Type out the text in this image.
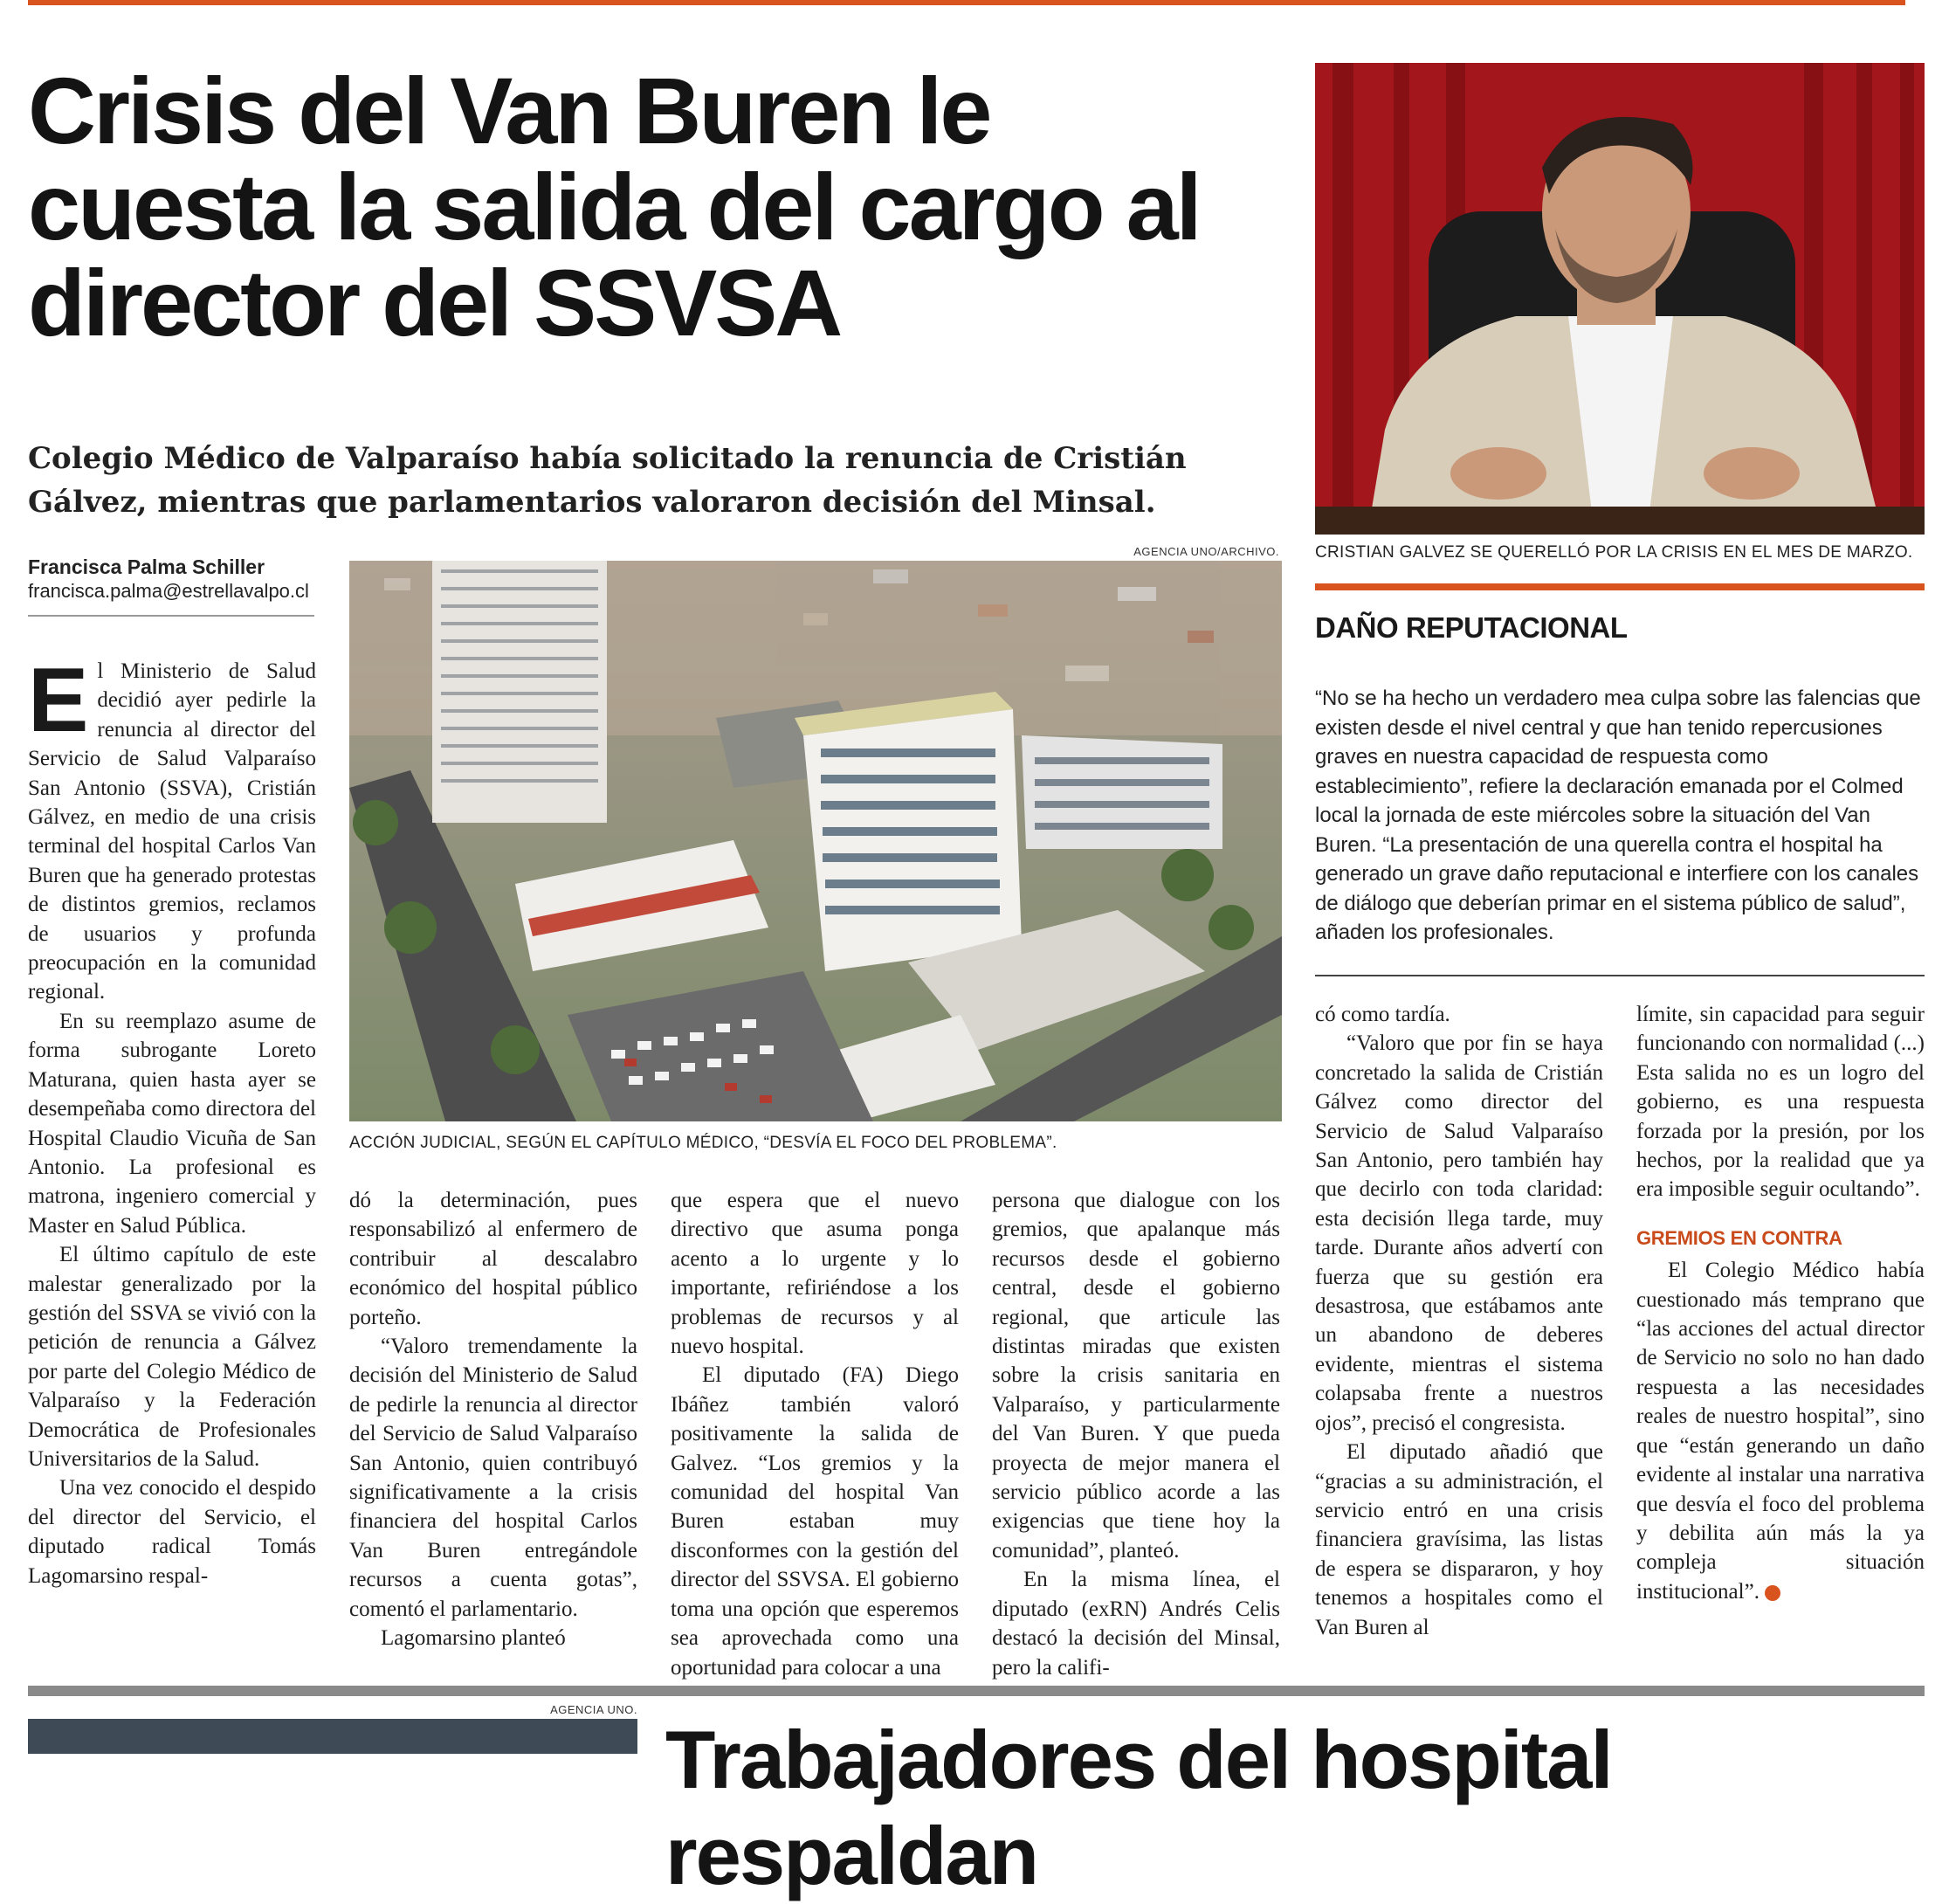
Crisis del Van Buren le cuesta la salida del cargo al director del SSVSA
Colegio Médico de Valparaíso había solicitado la renuncia de Cristián Gálvez, mientras que parlamentarios valoraron decisión del Minsal.
Francisca Palma Schiller
francisca.palma@estrellavalpo.cl
AGENCIA UNO/ARCHIVO.
ACCIÓN JUDICIAL, SEGÚN EL CAPÍTULO MÉDICO, “DESVÍA EL FOCO DEL PROBLEMA”.
CRISTIAN GALVEZ SE QUERELLÓ POR LA CRISIS EN EL MES DE MARZO.
DAÑO REPUTACIONAL
“No se ha hecho un verdadero mea culpa sobre las falencias que existen desde el nivel central y que han tenido repercusiones graves en nuestra capacidad de respuesta como establecimiento”, refiere la declaración emanada por el Colmed local la jornada de este miércoles sobre la situación del Van Buren. “La presentación de una querella contra el hospital ha generado un grave daño reputacional e interfiere con los canales de diálogo que deberían primar en el sistema público de salud”, añaden los profesionales.

El Ministerio de Salud decidió ayer pedirle la renuncia al director del Servicio de Salud Valparaíso San Antonio (SSVA), Cristián Gálvez, en medio de una crisis terminal del hospital Carlos Van Buren que ha generado protestas de distintos gremios, reclamos de usuarios y profunda preocupación en la comunidad regional.

En su reemplazo asume de forma subrogante Loreto Maturana, quien hasta ayer se desempeñaba como directora del Hospital Claudio Vicuña de San Antonio. La profesional es matrona, ingeniero comercial y Master en Salud Pública.

El último capítulo de este malestar generalizado por la gestión del SSVA se vivió con la petición de renuncia a Gálvez por parte del Colegio Médico de Valparaíso y la Federación Democrática de Profesionales Universitarios de la Salud.

Una vez conocido el despido del director del Servicio, el diputado radical Tomás Lagomarsino respal-

dó la determinación, pues responsabilizó al enfermero de contribuir al descalabro económico del hospital público porteño.

“Valoro tremendamente la decisión del Ministerio de Salud de pedirle la renuncia al director del Servicio de Salud Valparaíso San Antonio, quien contribuyó significativamente a la crisis financiera del hospital Carlos Van Buren entregándole recursos a cuenta gotas”, comentó el parlamentario.

Lagomarsino planteó

que espera que el nuevo directivo que asuma ponga acento a lo urgente y lo importante, refiriéndose a los problemas de recursos y al nuevo hospital.

El diputado (FA) Diego Ibáñez también valoró positivamente la salida de Galvez. “Los gremios y la comunidad del hospital Van Buren estaban muy disconformes con la gestión del director del SSVSA. El gobierno toma una opción que esperemos sea aprovechada como una oportunidad para colocar a una

persona que dialogue con los gremios, que apalanque más recursos desde el gobierno central, desde el gobierno regional, que articule las distintas miradas que existen sobre la crisis sanitaria en Valparaíso, y particularmente del Van Buren. Y que pueda proyecta de mejor manera el servicio público acorde a las exigencias que tiene hoy la comunidad”, planteó.

En la misma línea, el diputado (exRN) Andrés Celis destacó la decisión del Minsal, pero la califi-

có como tardía.

“Valoro que por fin se haya concretado la salida de Cristián Gálvez como director del Servicio de Salud Valparaíso San Antonio, pero también hay que decirlo con toda claridad: esta decisión llega tarde, muy tarde. Durante años advertí con fuerza que su gestión era desastrosa, que estábamos ante un abandono de deberes evidente, mientras el sistema colapsaba frente a nuestros ojos”, precisó el congresista.

El diputado añadió que “gracias a su administración, el servicio entró en una crisis financiera gravísima, las listas de espera se dispararon, y hoy tenemos a hospitales como el Van Buren al

límite, sin capacidad para seguir funcionando con normalidad (...) Esta salida no es un logro del gobierno, es una respuesta forzada por la presión, por los hechos, por la realidad que ya era imposible seguir ocultando”.

GREMIOS EN CONTRA

El Colegio Médico había cuestionado más temprano que “las acciones del actual director de Servicio no solo no han dado respuesta a las necesidades reales de nuestro hospital”, sino que “están generando un daño evidente al instalar una narrativa que desvía el foco del problema y debilita aún más la ya compleja situación institucional”.	✪

AGENCIA UNO.
Trabajadores del hospital respaldan
